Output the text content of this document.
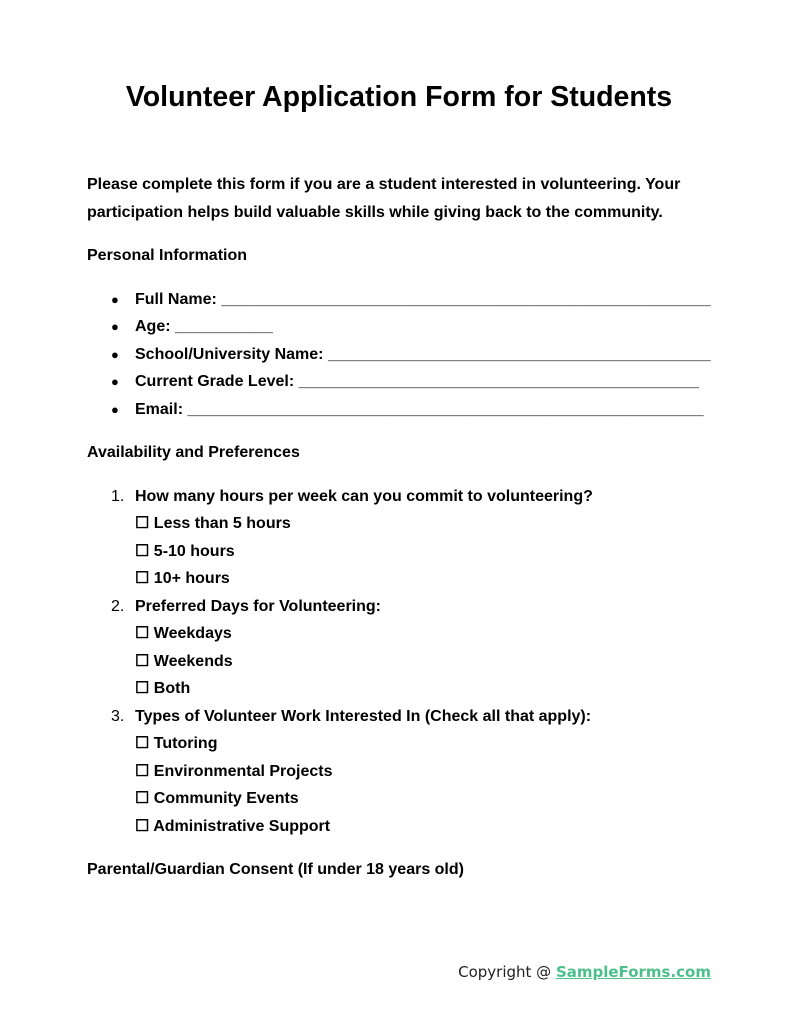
Volunteer Application Form for Students

Please complete this form if you are a student interested in volunteering. Your participation helps build valuable skills while giving back to the community.

Personal Information
● Full Name: _______________________________________________________
● Age: ___________
● School/University Name: ___________________________________________
● Current Grade Level: _____________________________________________
● Email: __________________________________________________________
Availability and Preferences
1. How many hours per week can you commit to volunteering?
☐ Less than 5 hours
☐ 5-10 hours
☐ 10+ hours
2. Preferred Days for Volunteering:
☐ Weekdays
☐ Weekends
☐ Both
3. Types of Volunteer Work Interested In (Check all that apply):
☐ Tutoring
☐ Environmental Projects
☐ Community Events
☐ Administrative Support
Parental/Guardian Consent (If under 18 years old)
Copyright @ SampleForms.com
